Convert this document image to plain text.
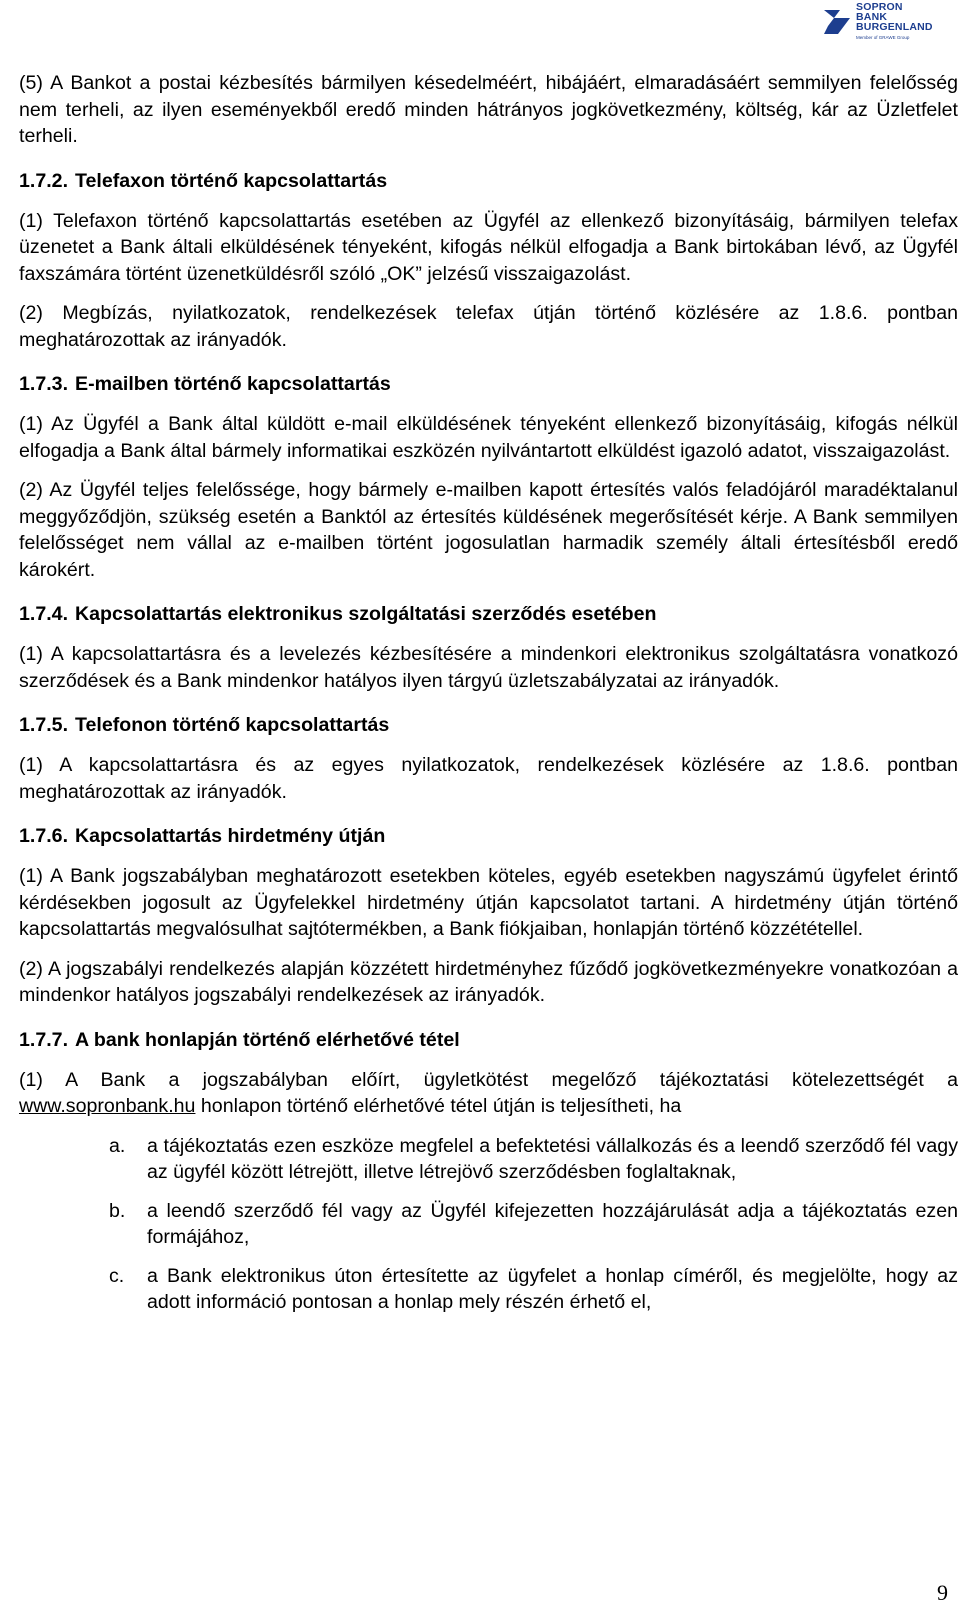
SOPRON
BANK
BURGENLAND
Member of GRAWE Group

(5) A Bankot a postai kézbesítés bármilyen késedelméért, hibájáért, elmaradásáért semmilyen felelősség nem terheli, az ilyen eseményekből eredő minden hátrányos jogkövetkezmény, költség, kár az Üzletfelet terheli.

1.7.2. Telefaxon történő kapcsolattartás

(1) Telefaxon történő kapcsolattartás esetében az Ügyfél az ellenkező bizonyításáig, bármilyen telefax üzenetet a Bank általi elküldésének tényeként, kifogás nélkül elfogadja a Bank birtokában lévő, az Ügyfél faxszámára történt üzenetküldésről szóló „OK” jelzésű visszaigazolást.

(2) Megbízás, nyilatkozatok, rendelkezések telefax útján történő közlésére az 1.8.6. pontban meghatározottak az irányadók.

1.7.3. E-mailben történő kapcsolattartás

(1) Az Ügyfél a Bank által küldött e-mail elküldésének tényeként ellenkező bizonyításáig, kifogás nélkül elfogadja a Bank által bármely informatikai eszközén nyilvántartott elküldést igazoló adatot, visszaigazolást.

(2) Az Ügyfél teljes felelőssége, hogy bármely e-mailben kapott értesítés valós feladójáról maradéktalanul meggyőződjön, szükség esetén a Banktól az értesítés küldésének megerősítését kérje. A Bank semmilyen felelősséget nem vállal az e-mailben történt jogosulatlan harmadik személy általi értesítésből eredő károkért.

1.7.4. Kapcsolattartás elektronikus szolgáltatási szerződés esetében

(1) A kapcsolattartásra és a levelezés kézbesítésére a mindenkori elektronikus szolgáltatásra vonatkozó szerződések és a Bank mindenkor hatályos ilyen tárgyú üzletszabályzatai az irányadók.

1.7.5. Telefonon történő kapcsolattartás

(1) A kapcsolattartásra és az egyes nyilatkozatok, rendelkezések közlésére az 1.8.6. pontban meghatározottak az irányadók.

1.7.6. Kapcsolattartás hirdetmény útján

(1) A Bank jogszabályban meghatározott esetekben köteles, egyéb esetekben nagyszámú ügyfelet érintő kérdésekben jogosult az Ügyfelekkel hirdetmény útján kapcsolatot tartani. A hirdetmény útján történő kapcsolattartás megvalósulhat sajtótermékben, a Bank fiókjaiban, honlapján történő közzététellel.

(2) A jogszabályi rendelkezés alapján közzétett hirdetményhez fűződő jogkövetkezményekre vonatkozóan a mindenkor hatályos jogszabályi rendelkezések az irányadók.

1.7.7. A bank honlapján történő elérhetővé tétel

(1) A Bank a jogszabályban előírt, ügyletkötést megelőző tájékoztatási kötelezettségét a www.sopronbank.hu honlapon történő elérhetővé tétel útján is teljesítheti, ha

a. a tájékoztatás ezen eszköze megfelel a befektetési vállalkozás és a leendő szerződő fél vagy az ügyfél között létrejött, illetve létrejövő szerződésben foglaltaknak,
b. a leendő szerződő fél vagy az Ügyfél kifejezetten hozzájárulását adja a tájékoztatás ezen formájához,
c. a Bank elektronikus úton értesítette az ügyfelet a honlap címéről, és megjelölte, hogy az adott információ pontosan a honlap mely részén érhető el,
9
